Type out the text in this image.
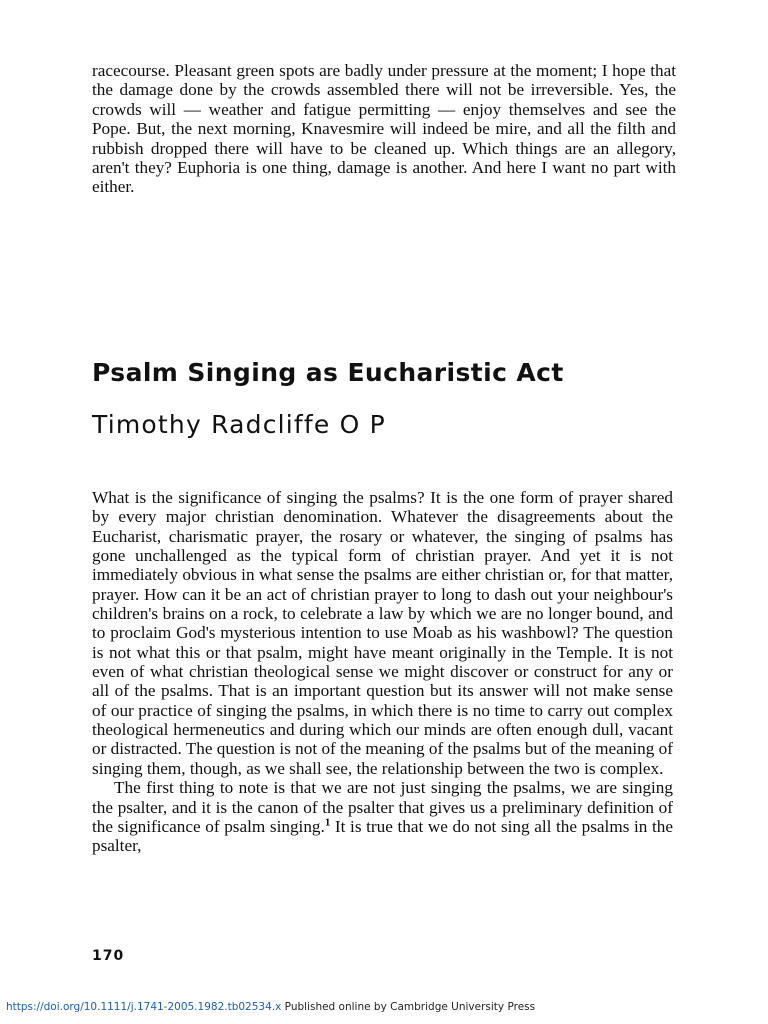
racecourse. Pleasant green spots are badly under pressure at the moment; I hope that the damage done by the crowds assembled there will not be irreversible. Yes, the crowds will — weather and fatigue permitting — enjoy themselves and see the Pope. But, the next morning, Knavesmire will indeed be mire, and all the filth and rubbish dropped there will have to be cleaned up. Which things are an allegory, aren't they? Euphoria is one thing, damage is another. And here I want no part with either.

Psalm Singing as Eucharistic Act
Timothy Radcliffe O P

What is the significance of singing the psalms? It is the one form of prayer shared by every major christian denomination. Whatever the disagreements about the Eucharist, charismatic prayer, the rosary or whatever, the singing of psalms has gone unchallenged as the typical form of christian prayer. And yet it is not immediately obvious in what sense the psalms are either christian or, for that matter, prayer. How can it be an act of christian prayer to long to dash out your neighbour's children's brains on a rock, to celebrate a law by which we are no longer bound, and to proclaim God's mysterious intention to use Moab as his washbowl? The question is not what this or that psalm, might have meant originally in the Temple. It is not even of what christian theological sense we might discover or construct for any or all of the psalms. That is an important question but its answer will not make sense of our practice of singing the psalms, in which there is no time to carry out complex theological hermeneutics and during which our minds are often enough dull, vacant or distracted. The question is not of the meaning of the psalms but of the meaning of singing them, though, as we shall see, the relationship between the two is complex.

The first thing to note is that we are not just singing the psalms, we are singing the psalter, and it is the canon of the psalter that gives us a preliminary definition of the significance of psalm singing.$^1$ It is true that we do not sing all the psalms in the psalter,

170

https://doi.org/10.1111/j.1741-2005.1982.tb02534.x Published online by Cambridge University Press
